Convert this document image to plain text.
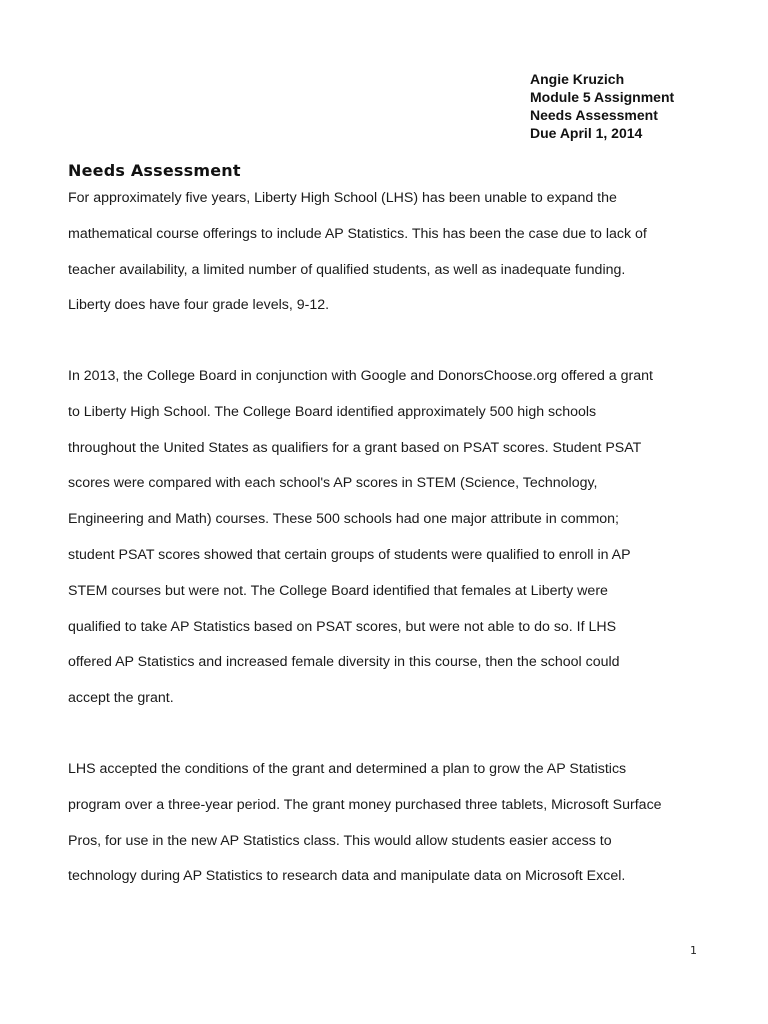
Angie Kruzich
Module 5 Assignment
Needs Assessment
Due April 1, 2014
Needs Assessment
For approximately five years, Liberty High School (LHS) has been unable to expand the
mathematical course offerings to include AP Statistics. This has been the case due to lack of
teacher availability, a limited number of qualified students, as well as inadequate funding.
Liberty does have four grade levels, 9-12.
In 2013, the College Board in conjunction with Google and DonorsChoose.org offered a grant
to Liberty High School. The College Board identified approximately 500 high schools
throughout the United States as qualifiers for a grant based on PSAT scores. Student PSAT
scores were compared with each school's AP scores in STEM (Science, Technology,
Engineering and Math) courses. These 500 schools had one major attribute in common;
student PSAT scores showed that certain groups of students were qualified to enroll in AP
STEM courses but were not. The College Board identified that females at Liberty were
qualified to take AP Statistics based on PSAT scores, but were not able to do so. If LHS
offered AP Statistics and increased female diversity in this course, then the school could
accept the grant.
LHS accepted the conditions of the grant and determined a plan to grow the AP Statistics
program over a three-year period. The grant money purchased three tablets, Microsoft Surface
Pros, for use in the new AP Statistics class. This would allow students easier access to
technology during AP Statistics to research data and manipulate data on Microsoft Excel.
1
